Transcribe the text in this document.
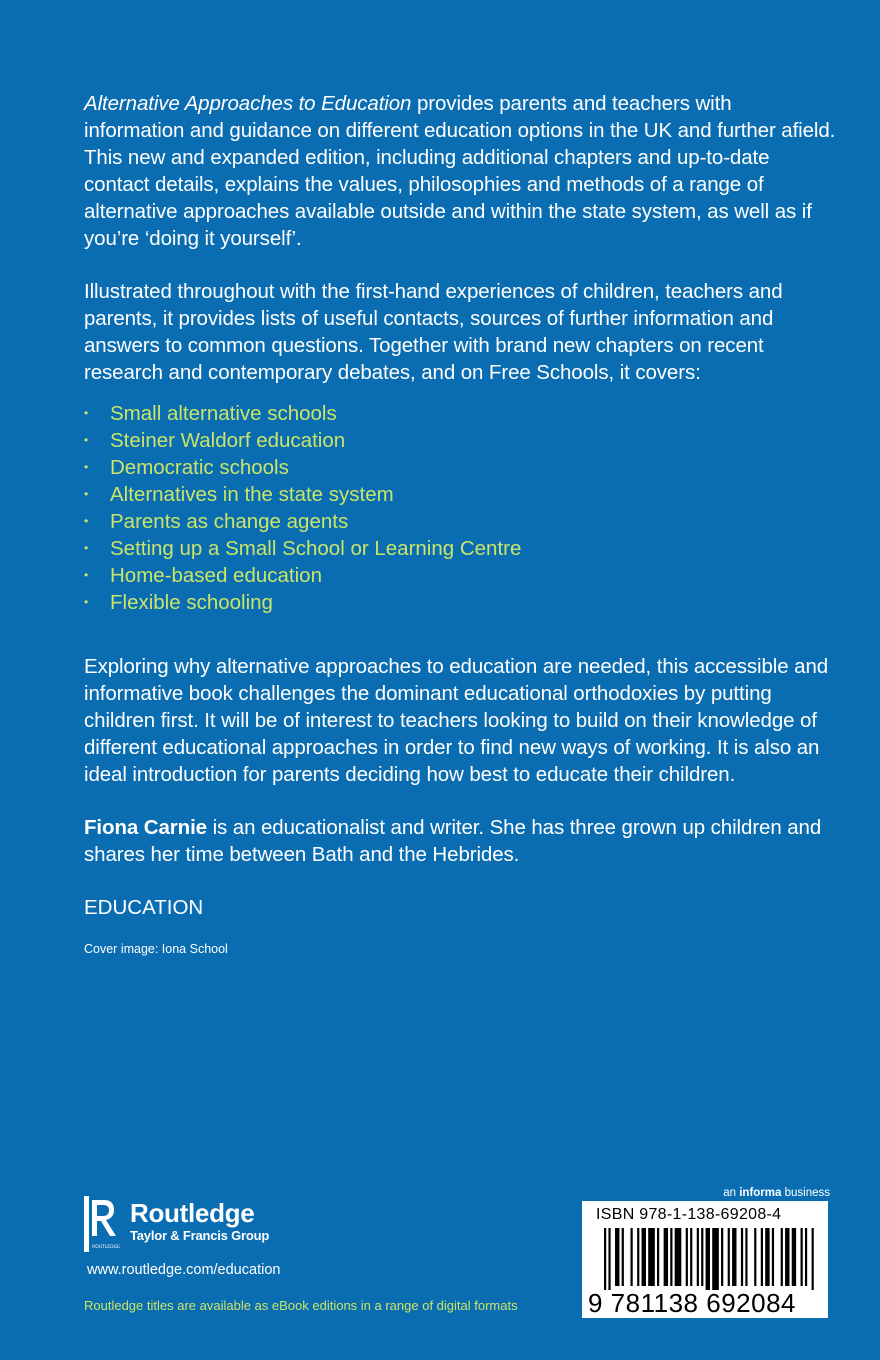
Alternative Approaches to Education provides parents and teachers with information and guidance on different education options in the UK and further afield. This new and expanded edition, including additional chapters and up-to-date contact details, explains the values, philosophies and methods of a range of alternative approaches available outside and within the state system, as well as if you’re ‘doing it yourself’.

Illustrated throughout with the first-hand experiences of children, teachers and parents, it provides lists of useful contacts, sources of further information and answers to common questions. Together with brand new chapters on recent research and contemporary debates, and on Free Schools, it covers:

• Small alternative schools
• Steiner Waldorf education
• Democratic schools
• Alternatives in the state system
• Parents as change agents
• Setting up a Small School or Learning Centre
• Home-based education
• Flexible schooling

Exploring why alternative approaches to education are needed, this accessible and informative book challenges the dominant educational orthodoxies by putting children first. It will be of interest to teachers looking to build on their knowledge of different educational approaches in order to find new ways of working. It is also an ideal introduction for parents deciding how best to educate their children.

Fiona Carnie is an educationalist and writer. She has three grown up children and shares her time between Bath and the Hebrides.

EDUCATION

Cover image: Iona School

ROUTLEDGE
Routledge
Taylor & Francis Group
www.routledge.com/education
Routledge titles are available as eBook editions in a range of digital formats
an informa business
ISBN 978-1-138-69208-4
9 781138 692084
